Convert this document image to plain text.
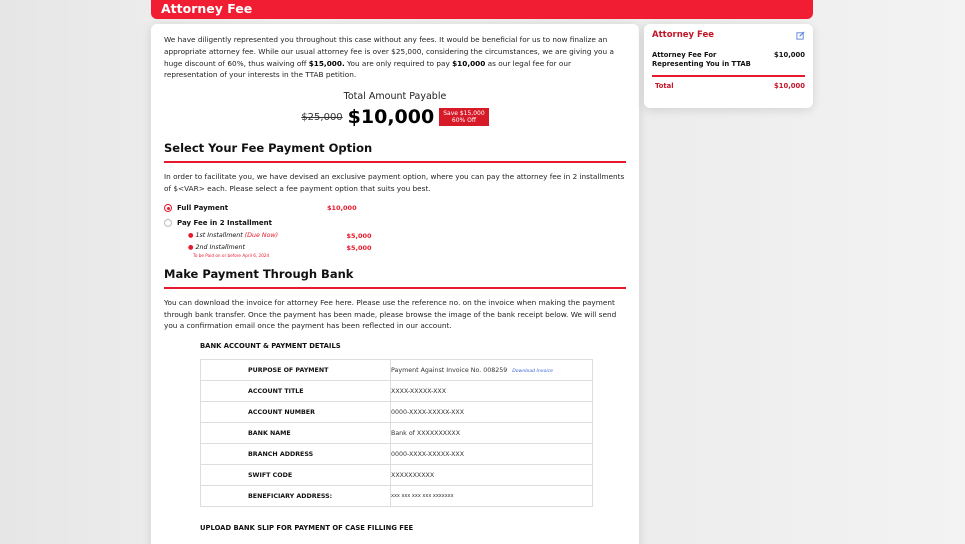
Attorney Fee

We have diligently represented you throughout this case without any fees. It would be beneficial for us to now finalize an appropriate attorney fee. While our usual attorney fee is over $25,000, considering the circumstances, we are giving you a huge discount of 60%, thus waiving off $15,000. You are only required to pay $10,000 as our legal fee for our representation of your interests in the TTAB petition.

Total Amount Payable
$25,000 $10,000 Save $15,000
60% Off
Select Your Fee Payment Option

In order to facilitate you, we have devised an exclusive payment option, where you can pay the attorney fee in 2 installments of $<VAR> each. Please select a fee payment option that suits you best.

Full Payment	$10,000
Pay Fee in 2 Installment
● 1st Installment (Due Now)	$5,000
● 2nd Installment	$5,000
To be Paid on or before April 6, 2024
Make Payment Through Bank

You can download the invoice for attorney Fee here. Please use the reference no. on the invoice when making the payment through bank transfer. Once the payment has been made, please browse the image of the bank receipt below. We will send you a confirmation email once the payment has been reflected in our account.

BANK ACCOUNT & PAYMENT DETAILS
PURPOSE OF PAYMENT	Payment Against Invoice No. 008259 Download Invoice
ACCOUNT TITLE	XXXX-XXXXX-XXX
ACCOUNT NUMBER	0000-XXXX-XXXXX-XXX
BANK NAME	Bank of XXXXXXXXXX
BRANCH ADDRESS	0000-XXXX-XXXXX-XXX
SWIFT CODE	XXXXXXXXXX
BENEFICIARY ADDRESS:	xxx xxx xxx xxx xxxxxxx
UPLOAD BANK SLIP FOR PAYMENT OF CASE FILLING FEE
Attorney Fee
Attorney Fee For Representing You in TTAB
$10,000
Total	$10,000
